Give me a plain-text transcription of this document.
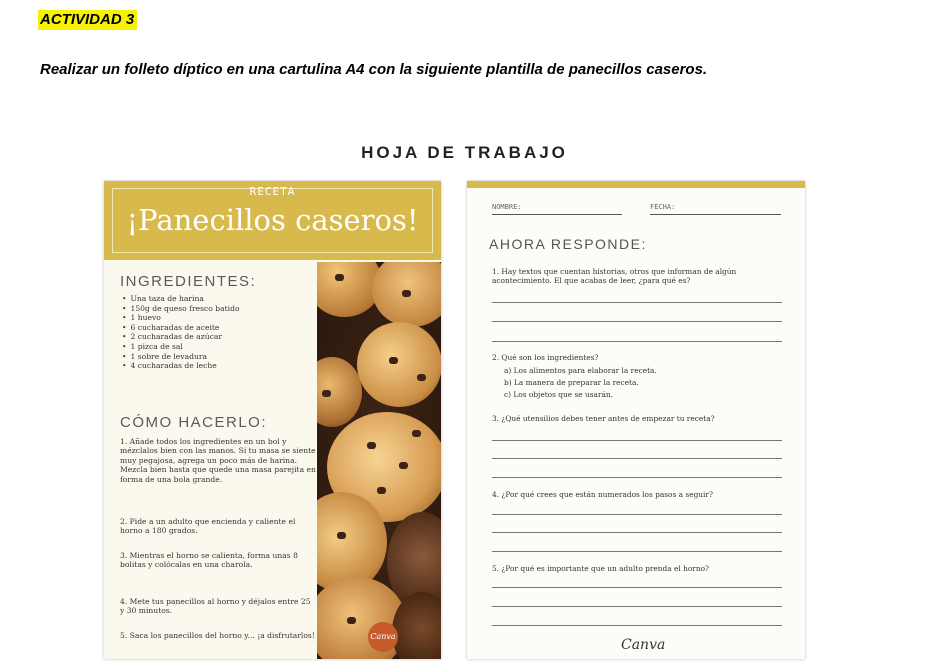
ACTIVIDAD 3

Realizar un folleto díptico en una cartulina A4 con la siguiente plantilla de panecillos caseros.

HOJA DE TRABAJO
RECETA
¡Panecillos caseros!
INGREDIENTES:
• Una taza de harina
• 150g de queso fresco batido
• 1 huevo
• 6 cucharadas de aceite
• 2 cucharadas de azúcar
• 1 pizca de sal
• 1 sobre de levadura
• 4 cucharadas de leche
CÓMO HACERLO:

1. Añade todos los ingredientes en un bol y mézclalos bien con las manos. Si tu masa se siente muy pegajosa, agrega un poco más de harina. Mezcla bien hasta que quede una masa parejita en forma de una bola grande.

2. Pide a un adulto que encienda y caliente el horno a 180 grados.

3. Mientras el horno se calienta, forma unas 8 bolitas y colócalas en una charola.

4. Mete tus panecillos al horno y déjalos entre 25 y 30 minutos.

5. Saca los panecillos del horno y... ¡a disfrutarlos!	Canva
NOMBRE:	FECHA:
AHORA RESPONDE:

1. Hay textos que cuentan historias, otros que informan de algún acontecimiento. El que acabas de leer, ¿para qué es?

2. Qué son los ingredientes?

a) Los alimentos para elaborar la receta.
b) La manera de preparar la receta.
c) Los objetos que se usarán.

3. ¿Qué utensilios debes tener antes de empezar tu receta?

4. ¿Por qué crees que están numerados los pasos a seguir?

5. ¿Por qué es importante que un adulto prenda el horno?

Canva
